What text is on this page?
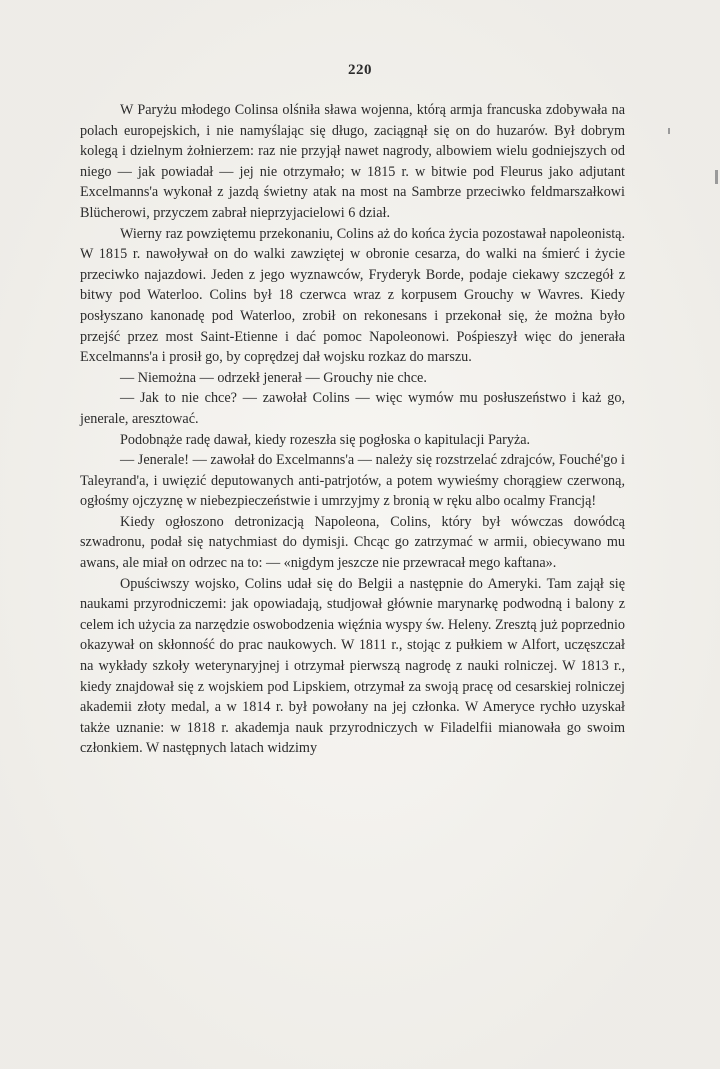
220

W Paryżu młodego Colinsa olśniła sława wojenna, którą armja francuska zdobywała na polach europejskich, i nie namyślając się długo, zaciągnął się on do huzarów. Był dobrym kolegą i dzielnym żołnierzem: raz nie przyjął nawet nagrody, albowiem wielu godniejszych od niego — jak powiadał — jej nie otrzymało; w 1815 r. w bitwie pod Fleurus jako adjutant Excelmanns'a wykonał z jazdą świetny atak na most na Sambrze przeciwko feldmarszałkowi Blücherowi, przyczem zabrał nieprzyjacielowi 6 dział.

Wierny raz powziętemu przekonaniu, Colins aż do końca życia pozostawał napoleonistą. W 1815 r. nawoływał on do walki zawziętej w obronie cesarza, do walki na śmierć i życie przeciwko najazdowi. Jeden z jego wyznawców, Fryderyk Borde, podaje ciekawy szczegół z bitwy pod Waterloo. Colins był 18 czerwca wraz z korpusem Grouchy w Wavres. Kiedy posłyszano kanonadę pod Waterloo, zrobił on rekonesans i przekonał się, że można było przejść przez most Saint-Etienne i dać pomoc Napoleonowi. Pośpieszył więc do jenerała Excelmanns'a i prosił go, by coprędzej dał wojsku rozkaz do marszu.

— Niemożna — odrzekł jenerał — Grouchy nie chce.

— Jak to nie chce? — zawołał Colins — więc wymów mu posłuszeństwo i każ go, jenerale, aresztować.

Podobnąże radę dawał, kiedy rozeszła się pogłoska o kapitulacji Paryża.

— Jenerale! — zawołał do Excelmanns'a — należy się rozstrzelać zdrajców, Fouché'go i Taleyrand'a, i uwięzić deputowanych anti-patrjotów, a potem wywieśmy chorągiew czerwoną, ogłośmy ojczyznę w niebezpieczeństwie i umrzyjmy z bronią w ręku albo ocalmy Francją!

Kiedy ogłoszono detronizacją Napoleona, Colins, który był wówczas dowódcą szwadronu, podał się natychmiast do dymisji. Chcąc go zatrzymać w armii, obiecywano mu awans, ale miał on odrzec na to: — «nigdym jeszcze nie przewracał mego kaftana».

Opuściwszy wojsko, Colins udał się do Belgii a następnie do Ameryki. Tam zajął się naukami przyrodniczemi: jak opowiadają, studjował głównie marynarkę podwodną i balony z celem ich użycia za narzędzie oswobodzenia więźnia wyspy św. Heleny. Zresztą już poprzednio okazywał on skłonność do prac naukowych. W 1811 r., stojąc z pułkiem w Alfort, uczęszczał na wykłady szkoły weterynaryjnej i otrzymał pierwszą nagrodę z nauki rolniczej. W 1813 r., kiedy znajdował się z wojskiem pod Lipskiem, otrzymał za swoją pracę od cesarskiej rolniczej akademii złoty medal, a w 1814 r. był powołany na jej członka. W Ameryce rychło uzyskał także uznanie: w 1818 r. akademja nauk przyrodniczych w Filadelfii mianowała go swoim członkiem. W następnych latach widzimy
